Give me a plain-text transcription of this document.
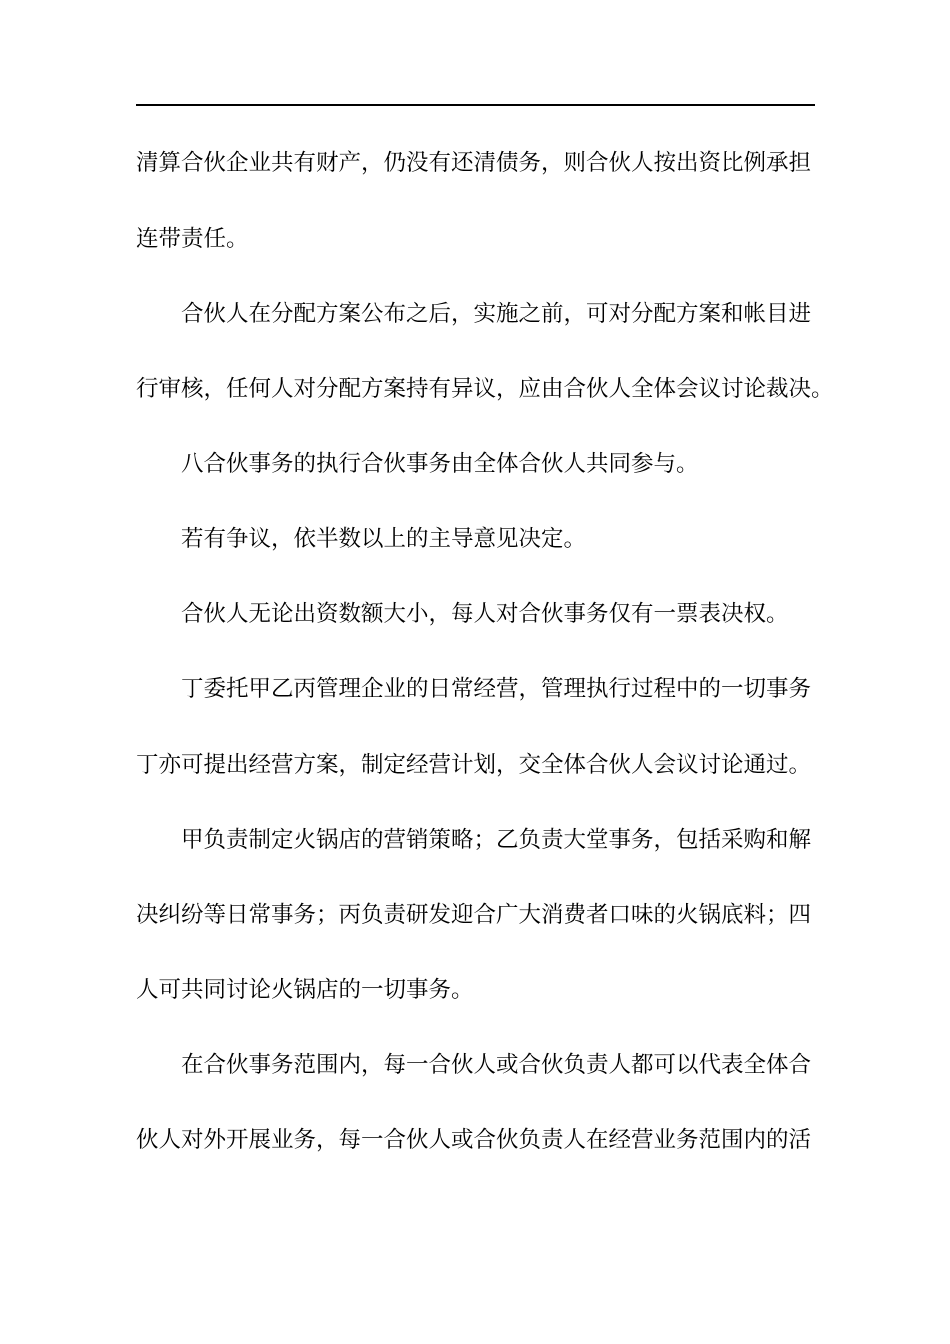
清算合伙企业共有财产，仍没有还清债务，则合伙人按出资比例承担
连带责任。
合伙人在分配方案公布之后，实施之前，可对分配方案和帐目进
行审核，任何人对分配方案持有异议，应由合伙人全体会议讨论裁决。
八合伙事务的执行合伙事务由全体合伙人共同参与。
若有争议，依半数以上的主导意见决定。
合伙人无论出资数额大小，每人对合伙事务仅有一票表决权。
丁委托甲乙丙管理企业的日常经营，管理执行过程中的一切事务
丁亦可提出经营方案，制定经营计划，交全体合伙人会议讨论通过。
甲负责制定火锅店的营销策略；乙负责大堂事务，包括采购和解
决纠纷等日常事务；丙负责研发迎合广大消费者口味的火锅底料；四
人可共同讨论火锅店的一切事务。
在合伙事务范围内，每一合伙人或合伙负责人都可以代表全体合
伙人对外开展业务，每一合伙人或合伙负责人在经营业务范围内的活
